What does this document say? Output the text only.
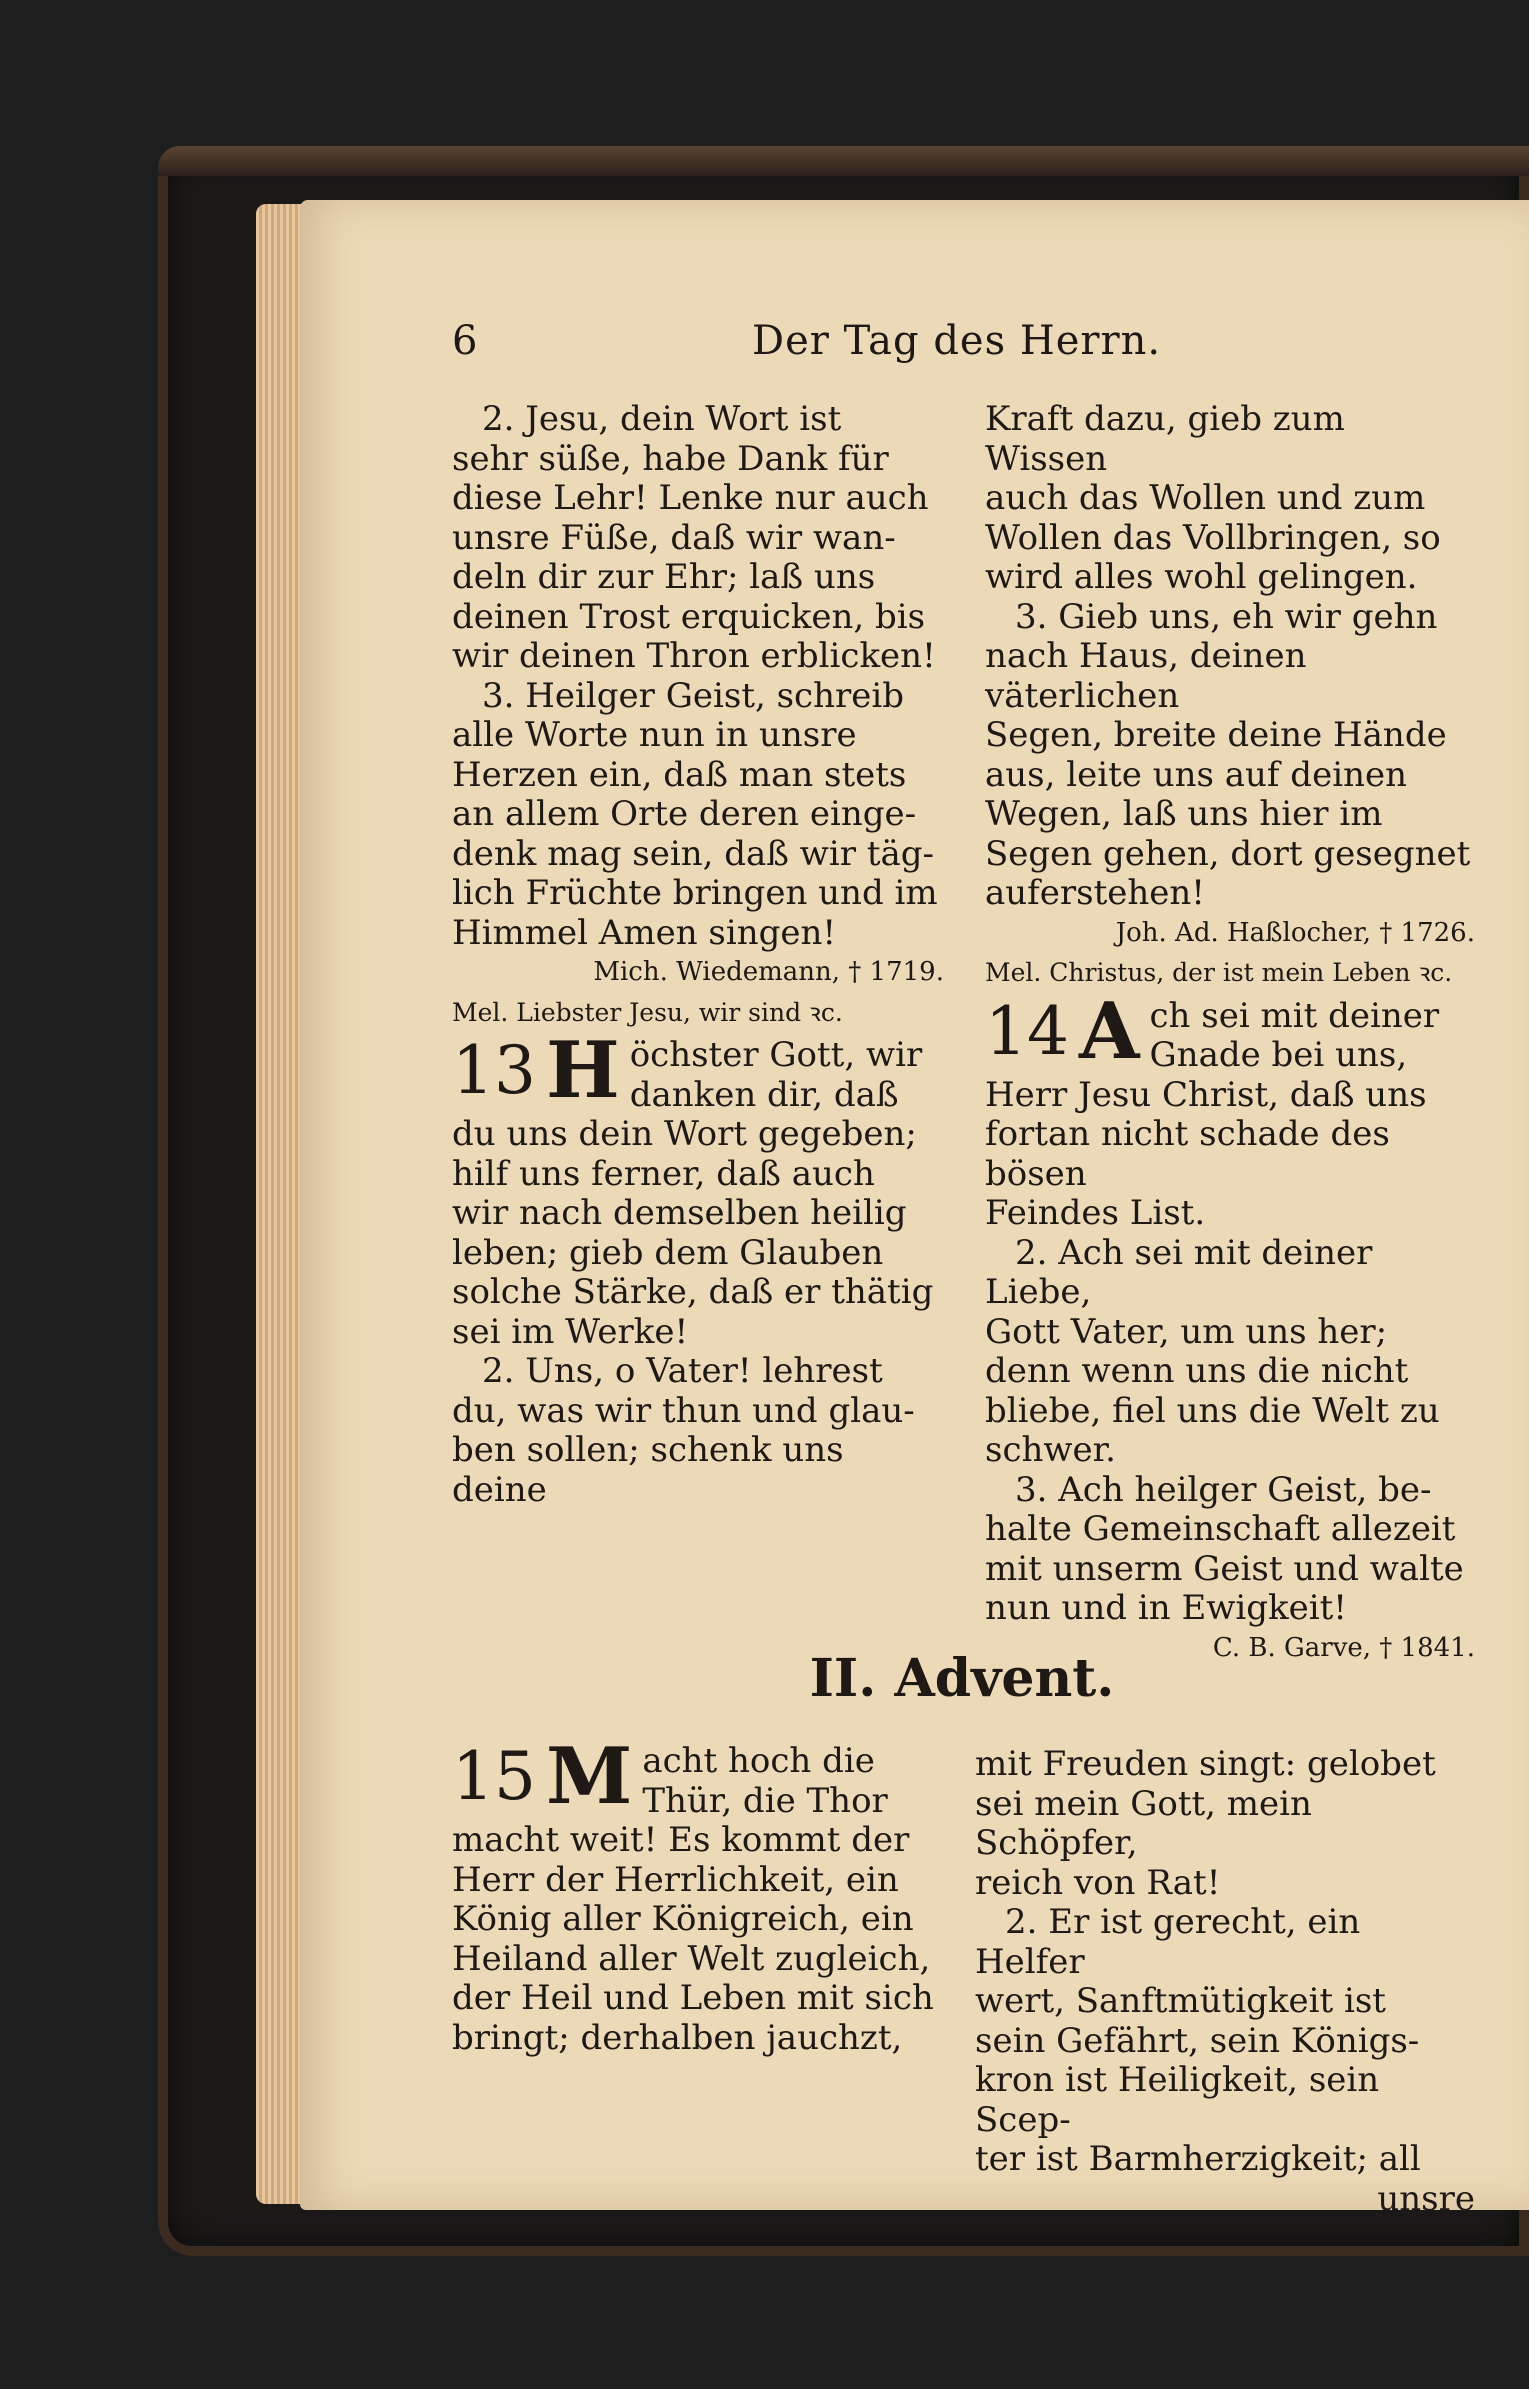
6	Der Tag des Herrn.

2. Jesu, dein Wort ist

sehr süße, habe Dank für

diese Lehr! Lenke nur auch

unsre Füße, daß wir wan-

deln dir zur Ehr; laß uns

deinen Trost erquicken, bis

wir deinen Thron erblicken!

3. Heilger Geist, schreib

alle Worte nun in unsre

Herzen ein, daß man stets

an allem Orte deren einge-

denk mag sein, daß wir täg-

lich Früchte bringen und im

Himmel Amen singen!

Mich. Wiedemann, † 1719.

Mel. Liebster Jesu, wir sind ꝛc.

13 H öchster Gott, wir

danken dir, daß

du uns dein Wort gegeben;

hilf uns ferner, daß auch

wir nach demselben heilig

leben; gieb dem Glauben

solche Stärke, daß er thätig

sei im Werke!

2. Uns, o Vater! lehrest

du, was wir thun und glau-

ben sollen; schenk uns deine

Kraft dazu, gieb zum Wissen

auch das Wollen und zum

Wollen das Vollbringen, so

wird alles wohl gelingen.

3. Gieb uns, eh wir gehn

nach Haus, deinen väterlichen

Segen, breite deine Hände

aus, leite uns auf deinen

Wegen, laß uns hier im

Segen gehen, dort gesegnet

auferstehen!

Joh. Ad. Haßlocher, † 1726.

Mel. Christus, der ist mein Leben ꝛc.

14 A ch sei mit deiner

Gnade bei uns,

Herr Jesu Christ, daß uns

fortan nicht schade des bösen

Feindes List.

2. Ach sei mit deiner Liebe,

Gott Vater, um uns her;

denn wenn uns die nicht

bliebe, fiel uns die Welt zu

schwer.

3. Ach heilger Geist, be-

halte Gemeinschaft allezeit

mit unserm Geist und walte

nun und in Ewigkeit!

C. B. Garve, † 1841.

II. Advent.
15 M acht hoch die

Thür, die Thor

macht weit! Es kommt der

Herr der Herrlichkeit, ein

König aller Königreich, ein

Heiland aller Welt zugleich,

der Heil und Leben mit sich

bringt; derhalben jauchzt,

mit Freuden singt: gelobet

sei mein Gott, mein Schöpfer,

reich von Rat!

2. Er ist gerecht, ein Helfer

wert, Sanftmütigkeit ist

sein Gefährt, sein Königs-

kron ist Heiligkeit, sein Scep-

ter ist Barmherzigkeit; all

unsre
